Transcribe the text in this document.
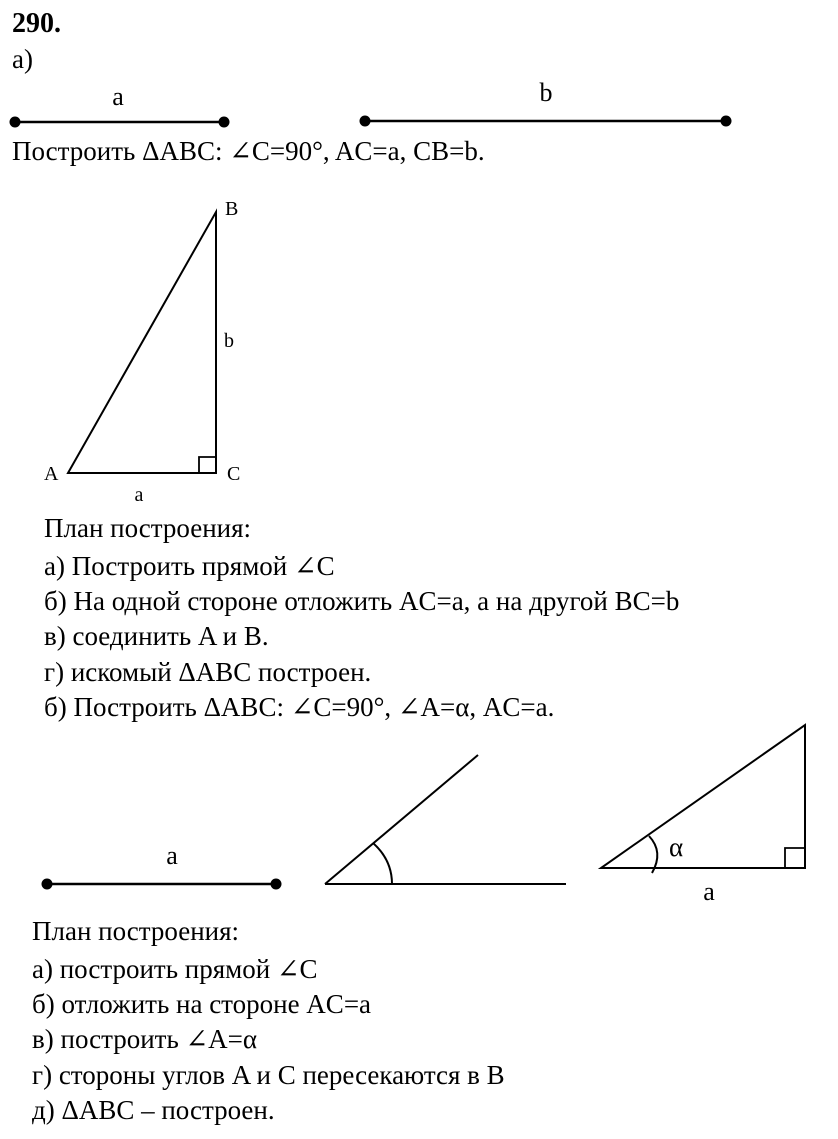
290.
а)
a	b
B
b
A	C
a
a	α
a
Построить ΔABC: ∠C=90°, AC=a, CB=b.
План построения:
а) Построить прямой ∠C
б) На одной стороне отложить AC=a, а на другой BC=b
в) соединить A и B.
г) искомый ΔABC построен.
б) Построить ΔABC: ∠C=90°, ∠A=α, AC=a.
План построения:
а) построить прямой ∠C
б) отложить на стороне AC=a
в) построить ∠A=α
г) стороны углов A и C пересекаются в B
д) ΔABC – построен.
